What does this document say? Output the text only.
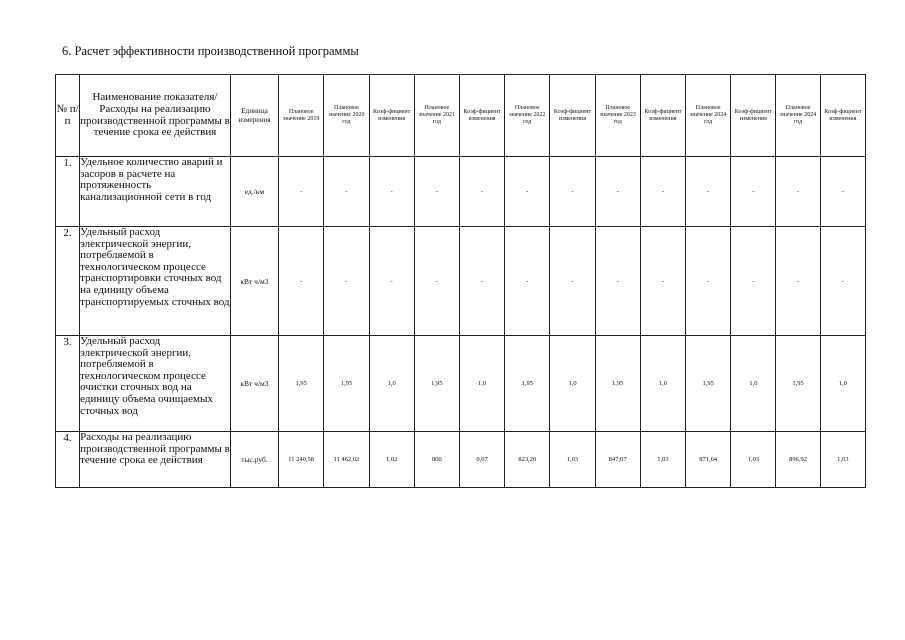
6. Расчет эффективности производственной программы
№ п/п	Наименование показателя/Расходы на реализацию производственной программы в течение срока ее действия	Единица измерения	Плановое значение 2019	Плановое значение 2020 год	Коэф-фициент изменения	Плановое значение 2021 год	Коэф-фициент изменения	Плановое значение 2022 год	Коэф-фициент изменения	Плановое значение 2023 год	Коэф-фициент изменения	Плановое значение 2024 год	Коэф-фициент изменения	Плановое значение 2024 год	Коэф-фициент изменения
1.	Удельное количество аварий и засоров в расчете на протяженность канализационной сети в год	ед./км	-	-	-	-	-	-	-	-	-	-	-	-	-
2.	Удельный расход электрической энергии, потребляемой в технологическом процессе транспортировки сточных вод на единицу объема транспортируемых сточных вод	кВт ч/м3	-	-	-	-	-	-	-	-	-	-	-	-	-
3.	Удельный расход электрической энергии, потребляемой в технологическом процессе очистки сточных вод на единицу объема очищаемых сточных вод	кВт ч/м3	1,95	1,95	1,0	1,95	1,0	1,95	1,0	1,95	1,0	1,95	1,0	1,95	1,0
4.	Расходы на реализацию производственной программы в течение срока ее действия	тыс.руб.	11 240,58	11 462,02	1,02	800	0,07	823,20	1,03	847,07	1,03	871,64	1,03	896,92	1,03
